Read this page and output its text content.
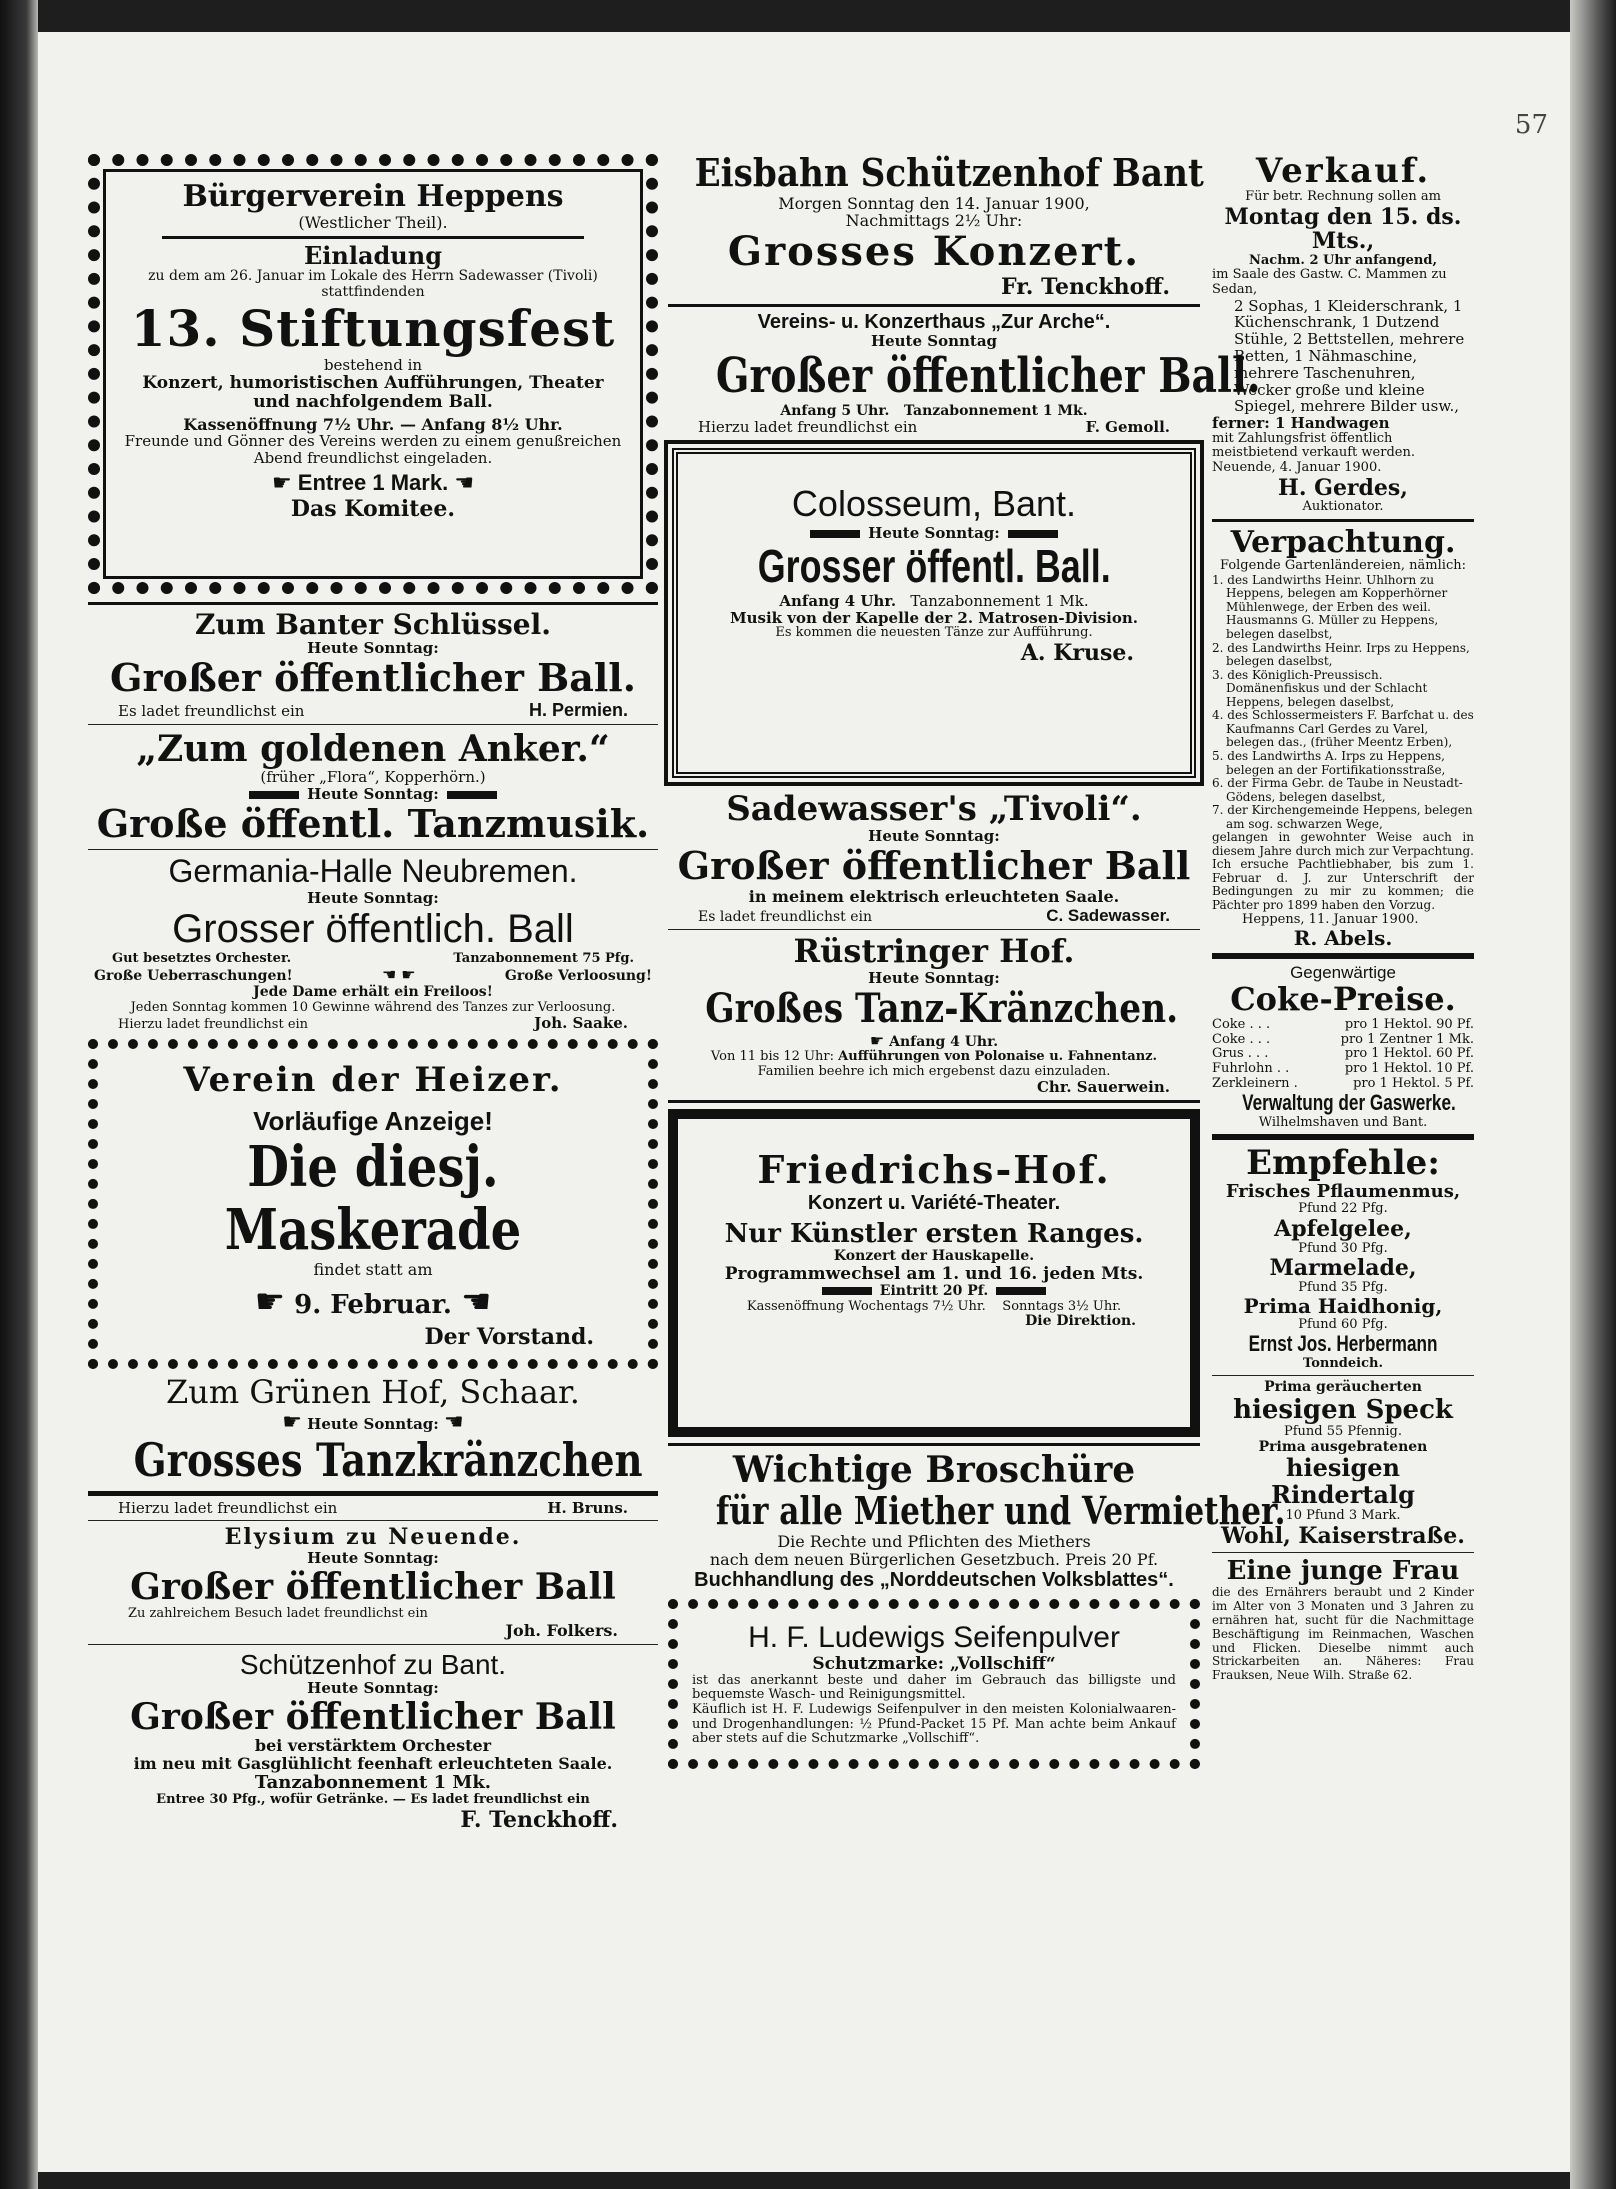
57
Bürgerverein Heppens
(Westlicher Theil).
Einladung
zu dem am 26. Januar im Lokale des Herrn Sadewasser (Tivoli) stattfindenden
13. Stiftungsfest
bestehend in
Konzert, humoristischen Aufführungen, Theater und nachfolgendem Ball.
Kassenöffnung 7½ Uhr. — Anfang 8½ Uhr.
Freunde und Gönner des Vereins werden zu einem genußreichen Abend freundlichst eingeladen.
☛ Entree 1 Mark. ☚
Das Komitee.
Zum Banter Schlüssel.
Heute Sonntag:
Großer öffentlicher Ball.
Es ladet freundlichst ein	H. Permien.
„Zum goldenen Anker.“
(früher „Flora“, Kopperhörn.)
Heute Sonntag:
Große öffentl. Tanzmusik.
Germania-Halle Neubremen.
Heute Sonntag:
Grosser öffentlich. Ball
Gut besetztes Orchester.	Tanzabonnement 75 Pfg.
Große Ueberraschungen!	☚ ☛	Große Verloosung!
Jede Dame erhält ein Freiloos!
Jeden Sonntag kommen 10 Gewinne während des Tanzes zur Verloosung.
Hierzu ladet freundlichst ein	Joh. Saake.
Verein der Heizer.
Vorläufige Anzeige!
Die diesj. Maskerade
findet statt am
☛ 9. Februar. ☚
Der Vorstand.
Zum Grünen Hof, Schaar.
☛ Heute Sonntag: ☚
Grosses Tanzkränzchen
Hierzu ladet freundlichst ein	H. Bruns.
Elysium zu Neuende.
Heute Sonntag:
Großer öffentlicher Ball
Zu zahlreichem Besuch ladet freundlichst ein
Joh. Folkers.
Schützenhof zu Bant.
Heute Sonntag:
Großer öffentlicher Ball
bei verstärktem Orchester
im neu mit Gasglühlicht feenhaft erleuchteten Saale.
Tanzabonnement 1 Mk.
Entree 30 Pfg., wofür Getränke. — Es ladet freundlichst ein
F. Tenckhoff.
Eisbahn Schützenhof Bant
Morgen Sonntag den 14. Januar 1900,
Nachmittags 2½ Uhr:
Grosses Konzert.
Fr. Tenckhoff.
Vereins- u. Konzerthaus „Zur Arche“.
Heute Sonntag
Großer öffentlicher Ball.
Anfang 5 Uhr. Tanzabonnement 1 Mk.
Hierzu ladet freundlichst ein	F. Gemoll.
Colosseum, Bant.
Heute Sonntag:
Grosser öffentl. Ball.
Anfang 4 Uhr. Tanzabonnement 1 Mk.
Musik von der Kapelle der 2. Matrosen-Division.
Es kommen die neuesten Tänze zur Aufführung.
A. Kruse.
Sadewasser's „Tivoli“.
Heute Sonntag:
Großer öffentlicher Ball
in meinem elektrisch erleuchteten Saale.
Es ladet freundlichst ein	C. Sadewasser.
Rüstringer Hof.
Heute Sonntag:
Großes Tanz-Kränzchen.
☛ Anfang 4 Uhr.
Von 11 bis 12 Uhr: Aufführungen von Polonaise u. Fahnentanz.
Familien beehre ich mich ergebenst dazu einzuladen.
Chr. Sauerwein.
Friedrichs-Hof.
Konzert u. Variété-Theater.
Nur Künstler ersten Ranges.
Konzert der Hauskapelle.
Programmwechsel am 1. und 16. jeden Mts.
Eintritt 20 Pf.
Kassenöffnung Wochentags 7½ Uhr. Sonntags 3½ Uhr.
Die Direktion.
Wichtige Broschüre
für alle Miether und Vermiether.
Die Rechte und Pflichten des Miethers
nach dem neuen Bürgerlichen Gesetzbuch. Preis 20 Pf.
Buchhandlung des „Norddeutschen Volksblattes“.
H. F. Ludewigs Seifenpulver
Schutzmarke: „Vollschiff“
ist das anerkannt beste und daher im Gebrauch das billigste und bequemste Wasch- und Reinigungsmittel.
Käuflich ist H. F. Ludewigs Seifenpulver in den meisten Kolonialwaaren- und Drogenhandlungen: ½ Pfund-Packet 15 Pf. Man achte beim Ankauf aber stets auf die Schutzmarke „Vollschiff“.
Verkauf.
Für betr. Rechnung sollen am
Montag den 15. ds. Mts.,
Nachm. 2 Uhr anfangend,
im Saale des Gastw. C. Mammen zu Sedan,
2 Sophas, 1 Kleiderschrank, 1 Küchenschrank, 1 Dutzend Stühle, 2 Bettstellen, mehrere Betten, 1 Nähmaschine, mehrere Taschenuhren, Wecker große und kleine Spiegel, mehrere Bilder usw.,
ferner: 1 Handwagen
mit Zahlungsfrist öffentlich meistbietend verkauft werden.
Neuende, 4. Januar 1900.
H. Gerdes,
Auktionator.
Verpachtung.
Folgende Gartenländereien, nämlich:
1. des Landwirths Heinr. Uhlhorn zu Heppens, belegen am Kopperhörner Mühlenwege, der Erben des weil. Hausmanns G. Müller zu Heppens, belegen daselbst,
2. des Landwirths Heinr. Irps zu Heppens, belegen daselbst,
3. des Königlich-Preussisch. Domänenfiskus und der Schlacht Heppens, belegen daselbst,
4. des Schlossermeisters F. Barfchat u. des Kaufmanns Carl Gerdes zu Varel, belegen das., (früher Meentz Erben),
5. des Landwirths A. Irps zu Heppens, belegen an der Fortifikationsstraße,
6. der Firma Gebr. de Taube in Neustadt-Gödens, belegen daselbst,
7. der Kirchengemeinde Heppens, belegen am sog. schwarzen Wege,
gelangen in gewohnter Weise auch in diesem Jahre durch mich zur Verpachtung. Ich ersuche Pachtliebhaber, bis zum 1. Februar d. J. zur Unterschrift der Bedingungen zu mir zu kommen; die Pächter pro 1899 haben den Vorzug.
Heppens, 11. Januar 1900.
R. Abels.
Gegenwärtige
Coke-Preise.
Coke . . .	pro 1 Hektol. 90 Pf.
Coke . . .	pro 1 Zentner 1 Mk.
Grus . . .	pro 1 Hektol. 60 Pf.
Fuhrlohn . .	pro 1 Hektol. 10 Pf.
Zerkleinern .	pro 1 Hektol. 5 Pf.
Verwaltung der Gaswerke.
Wilhelmshaven und Bant.
Empfehle:
Frisches Pflaumenmus,
Pfund 22 Pfg.
Apfelgelee,
Pfund 30 Pfg.
Marmelade,
Pfund 35 Pfg.
Prima Haidhonig,
Pfund 60 Pfg.
Ernst Jos. Herbermann
Tonndeich.
Prima geräucherten
hiesigen Speck
Pfund 55 Pfennig.
Prima ausgebratenen
hiesigen Rindertalg
10 Pfund 3 Mark.
Wohl, Kaiserstraße.
Eine junge Frau
die des Ernährers beraubt und 2 Kinder im Alter von 3 Monaten und 3 Jahren zu ernähren hat, sucht für die Nachmittage Beschäftigung im Reinmachen, Waschen und Flicken. Dieselbe nimmt auch Strickarbeiten an. Näheres: Frau Frauksen, Neue Wilh. Straße 62.
